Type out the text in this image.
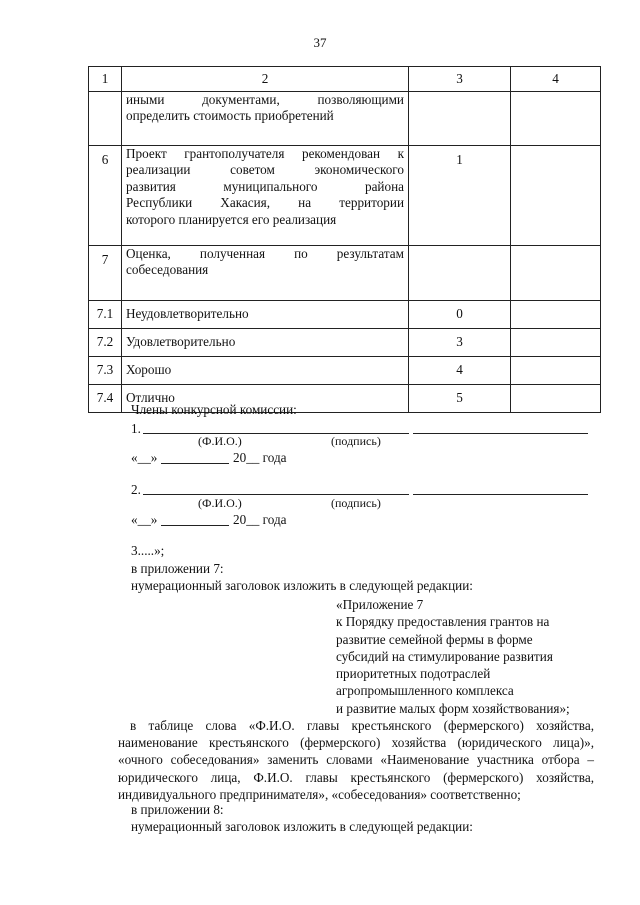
37
1	2	3	4

	иными документами, позволяющими
определить стоимость приобретений		

6	Проект грантополучателя рекомендован к
реализации советом экономического
развития муниципального района
Республики Хакасия, на территории
которого планируется его реализация	1	
7	Оценка, полученная по результатам
собеседования		

7.1	Неудовлетворительно	0	
7.2	Удовлетворительно	3	
7.3	Хорошо	4	
7.4	Отлично	5	
Члены конкурсной комиссии:
1.
(Ф.И.О.)	(подпись)
«__»	20__ года
2.
(Ф.И.О.)	(подпись)
«__»	20__ года
3.....»;
в приложении 7:
нумерационный заголовок изложить в следующей редакции:
«Приложение 7
к Порядку предоставления грантов на
развитие семейной фермы в форме
субсидий на стимулирование развития
приоритетных подотраслей
агропромышленного комплекса
и развитие малых форм хозяйствования»;
в таблице слова «Ф.И.О. главы крестьянского (фермерского) хозяйства,
наименование крестьянского (фермерского) хозяйства (юридического лица)»,
«очного собеседования» заменить словами «Наименование участника отбора –
юридического лица, Ф.И.О. главы крестьянского (фермерского) хозяйства,
индивидуального предпринимателя», «собеседования» соответственно;
в приложении 8:
нумерационный заголовок изложить в следующей редакции:
